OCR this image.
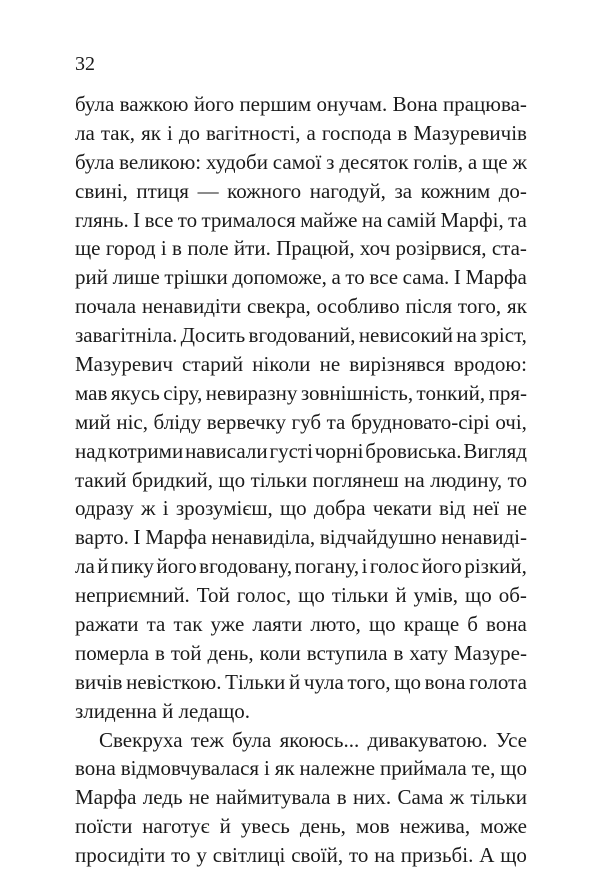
32
була важкою його першим онучам. Вона працюва-
ла так, як і до вагітності, а господа в Мазуревичів
була великою: худоби самої з десяток голів, а ще ж
свині, птиця — кожного нагодуй, за кожним до-
глянь. І все то трималося майже на самій Марфі, та
ще город і в поле йти. Працюй, хоч розірвися, ста-
рий лише трішки допоможе, а то все сама. І Марфа
почала ненавидіти свекра, особливо після того, як
завагітніла. Досить вгодований, невисокий на зріст,
Мазуревич старий ніколи не вирізнявся вродою:
мав якусь сіру, невиразну зовнішність, тонкий, пря-
мий ніс, бліду вервечку губ та брудновато-сірі очі,
над котрими нависали густі чорні бровиська. Вигляд
такий бридкий, що тільки поглянеш на людину, то
одразу ж і зрозумієш, що добра чекати від неї не
варто. І Марфа ненавиділа, відчайдушно ненавиді-
ла й пику його вгодовану, погану, і голос його різкий,
неприємний. Той голос, що тільки й умів, що об-
ражати та так уже лаяти люто, що краще б вона
померла в той день, коли вступила в хату Мазуре-
вичів невісткою. Тільки й чула того, що вона голота
злиденна й ледащо.
Свекруха теж була якоюсь... дивакуватою. Усе
вона відмовчувалася і як належне приймала те, що
Марфа ледь не наймитувала в них. Сама ж тільки
поїсти наготує й увесь день, мов нежива, може
просидіти то у світлиці своїй, то на призьбі. А що
